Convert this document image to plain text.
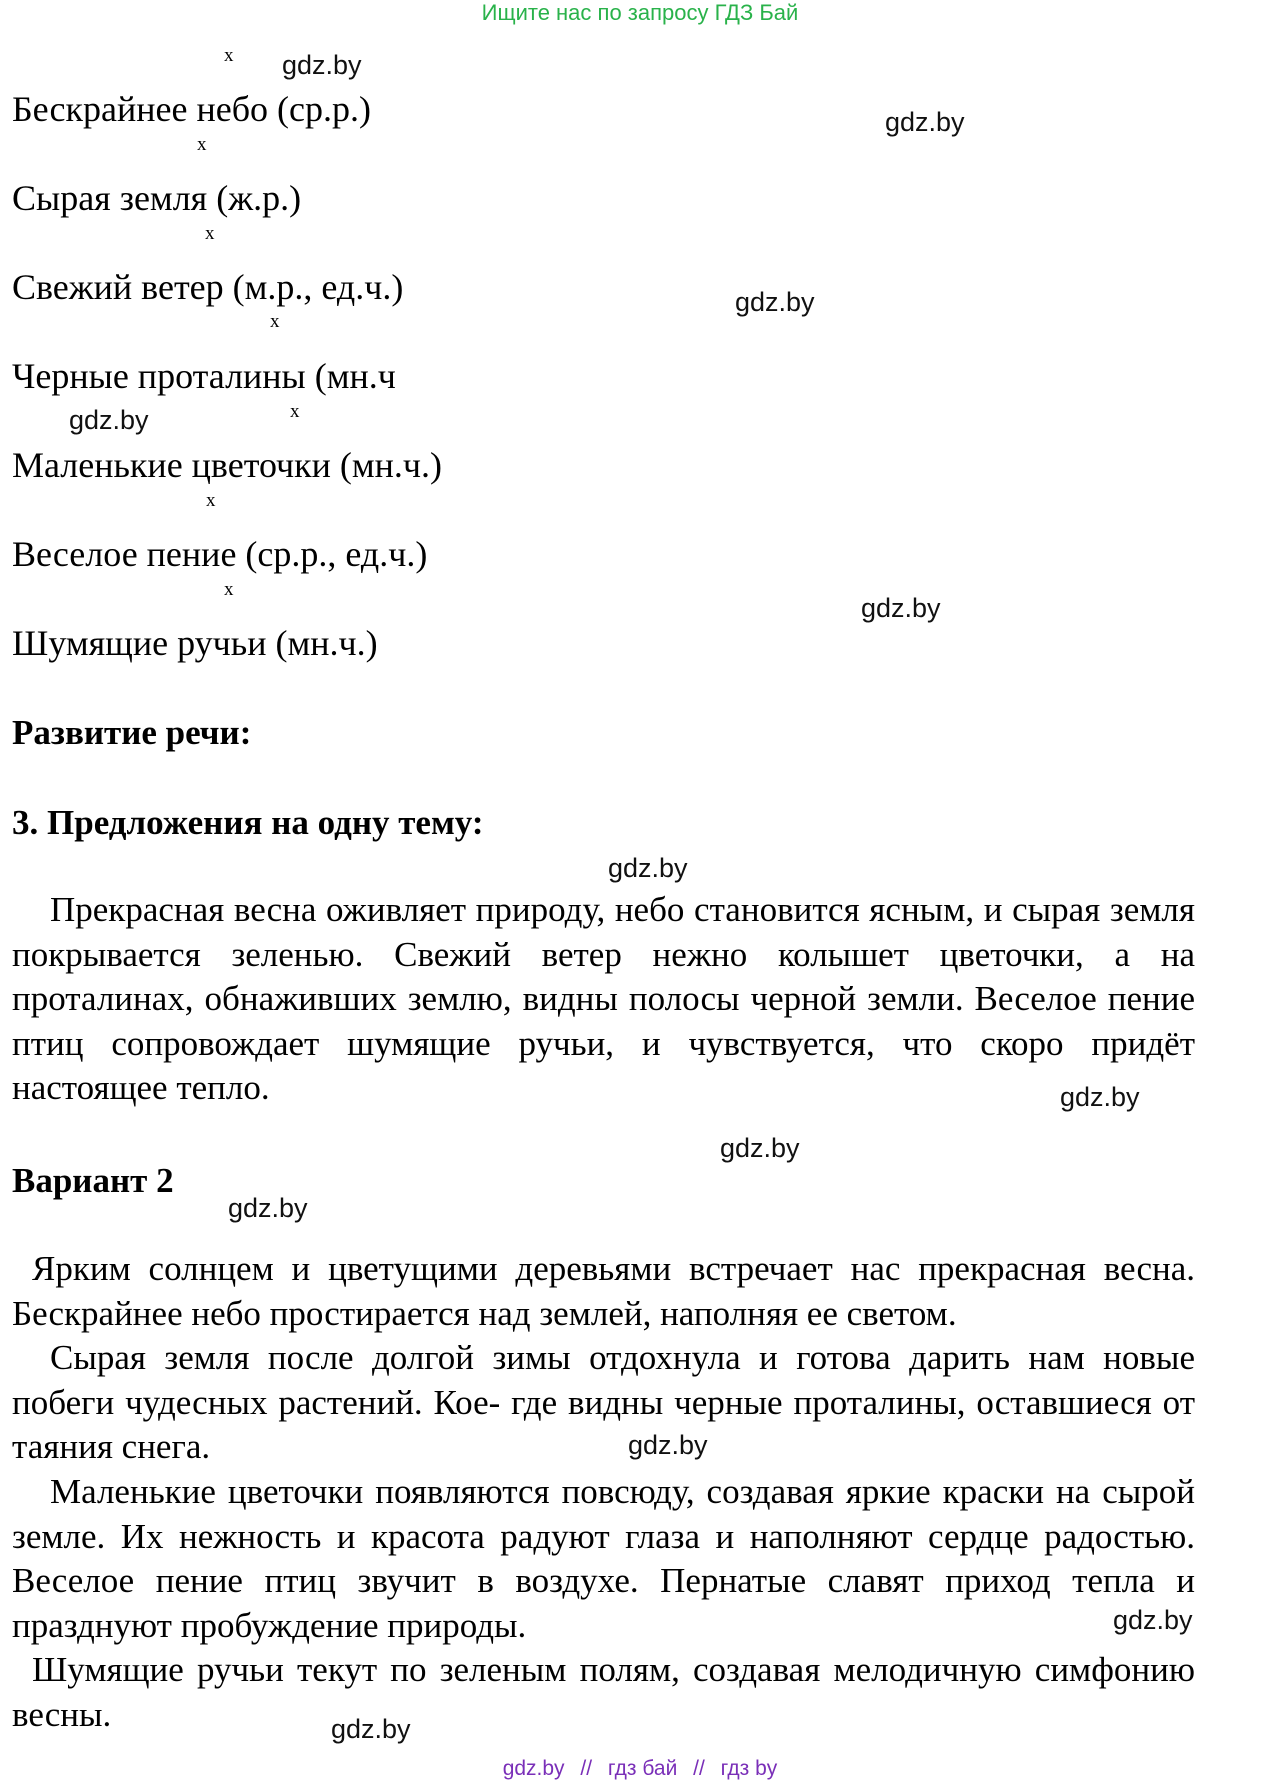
Ищите нас по запросу ГДЗ Бай
x
x
x
x
x
x
x
Бескрайнее небо (ср.р.)
Сырая земля (ж.р.)
Свежий ветер (м.р., ед.ч.)
Черные проталины (мн.ч
Маленькие цветочки (мн.ч.)
Веселое пение (ср.р., ед.ч.)
Шумящие ручьи (мн.ч.)
Развитие речи:
3. Предложения на одну тему:
Прекрасная весна оживляет природу, небо становится ясным, и сырая земля покрывается зеленью. Свежий ветер нежно колышет цветочки, а на проталинах, обнаживших землю, видны полосы черной земли. Веселое пение птиц сопровождает шумящие ручьи, и чувствуется, что скоро придёт настоящее тепло.
Вариант 2
Ярким солнцем и цветущими деревьями встречает нас прекрасная весна. Бескрайнее небо простирается над землей, наполняя ее светом.
Сырая земля после долгой зимы отдохнула и готова дарить нам новые побеги чудесных растений. Кое- где видны черные проталины, оставшиеся от таяния снега.
Маленькие цветочки появляются повсюду, создавая яркие краски на сырой земле. Их нежность и красота радуют глаза и наполняют сердце радостью. Веселое пение птиц звучит в воздухе. Пернатые славят приход тепла и празднуют пробуждение природы.
Шумящие ручьи текут по зеленым полям, создавая мелодичную симфонию весны.
gdz.by
gdz.by
gdz.by
gdz.by
gdz.by
gdz.by
gdz.by
gdz.by
gdz.by
gdz.by
gdz.by
gdz.by
gdz.by // гдз бай // гдз by
